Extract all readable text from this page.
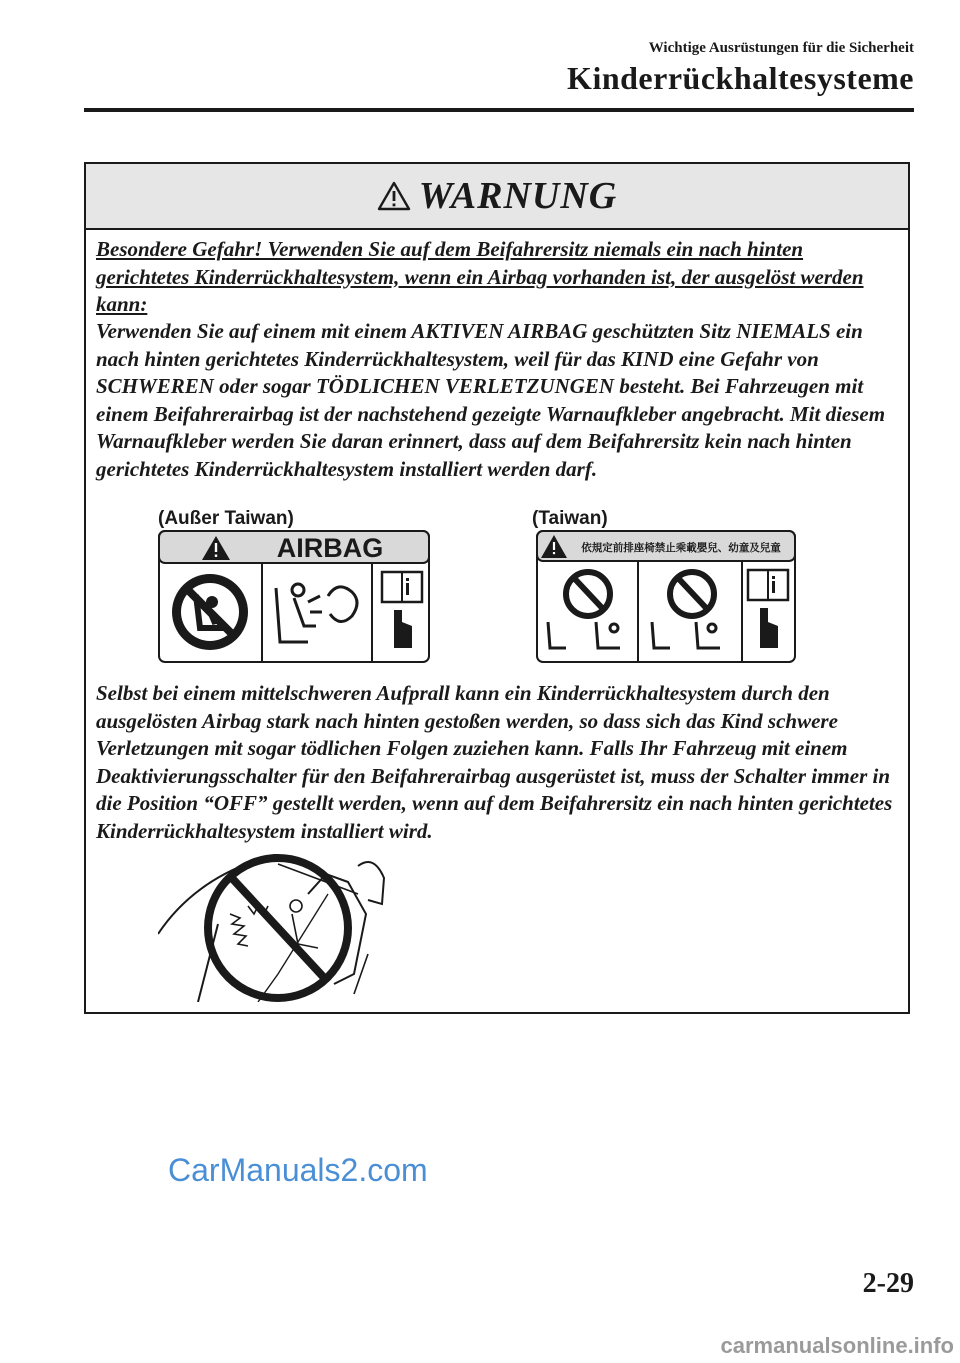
Wichtige Ausrüstungen für die Sicherheit
Kinderrückhaltesysteme
WARNUNG

Besondere Gefahr! Verwenden Sie auf dem Beifahrersitz niemals ein nach hinten gerichtetes Kinderrückhaltesystem, wenn ein Airbag vorhanden ist, der ausgelöst werden kann:

Verwenden Sie auf einem mit einem AKTIVEN AIRBAG geschützten Sitz NIEMALS ein nach hinten gerichtetes Kinderrückhaltesystem, weil für das KIND eine Gefahr von SCHWEREN oder sogar TÖDLICHEN VERLETZUNGEN besteht. Bei Fahrzeugen mit einem Beifahrerairbag ist der nachstehend gezeigte Warnaufkleber angebracht. Mit diesem Warnaufkleber werden Sie daran erinnert, dass auf dem Beifahrersitz kein nach hinten gerichtetes Kinderrückhaltesystem installiert werden darf.

(Außer Taiwan)
AIRBAG
(Taiwan)
依規定前排座椅禁止乘載嬰兒、幼童及兒童

Selbst bei einem mittelschweren Aufprall kann ein Kinderrückhaltesystem durch den ausgelösten Airbag stark nach hinten gestoßen werden, so dass sich das Kind schwere Verletzungen mit sogar tödlichen Folgen zuziehen kann. Falls Ihr Fahrzeug mit einem Deaktivierungsschalter für den Beifahrerairbag ausgerüstet ist, muss der Schalter immer in die Position “OFF” gestellt werden, wenn auf dem Beifahrersitz ein nach hinten gerichtetes Kinderrückhaltesystem installiert wird.

CarManuals2.com
2-29
carmanualsonline.info
